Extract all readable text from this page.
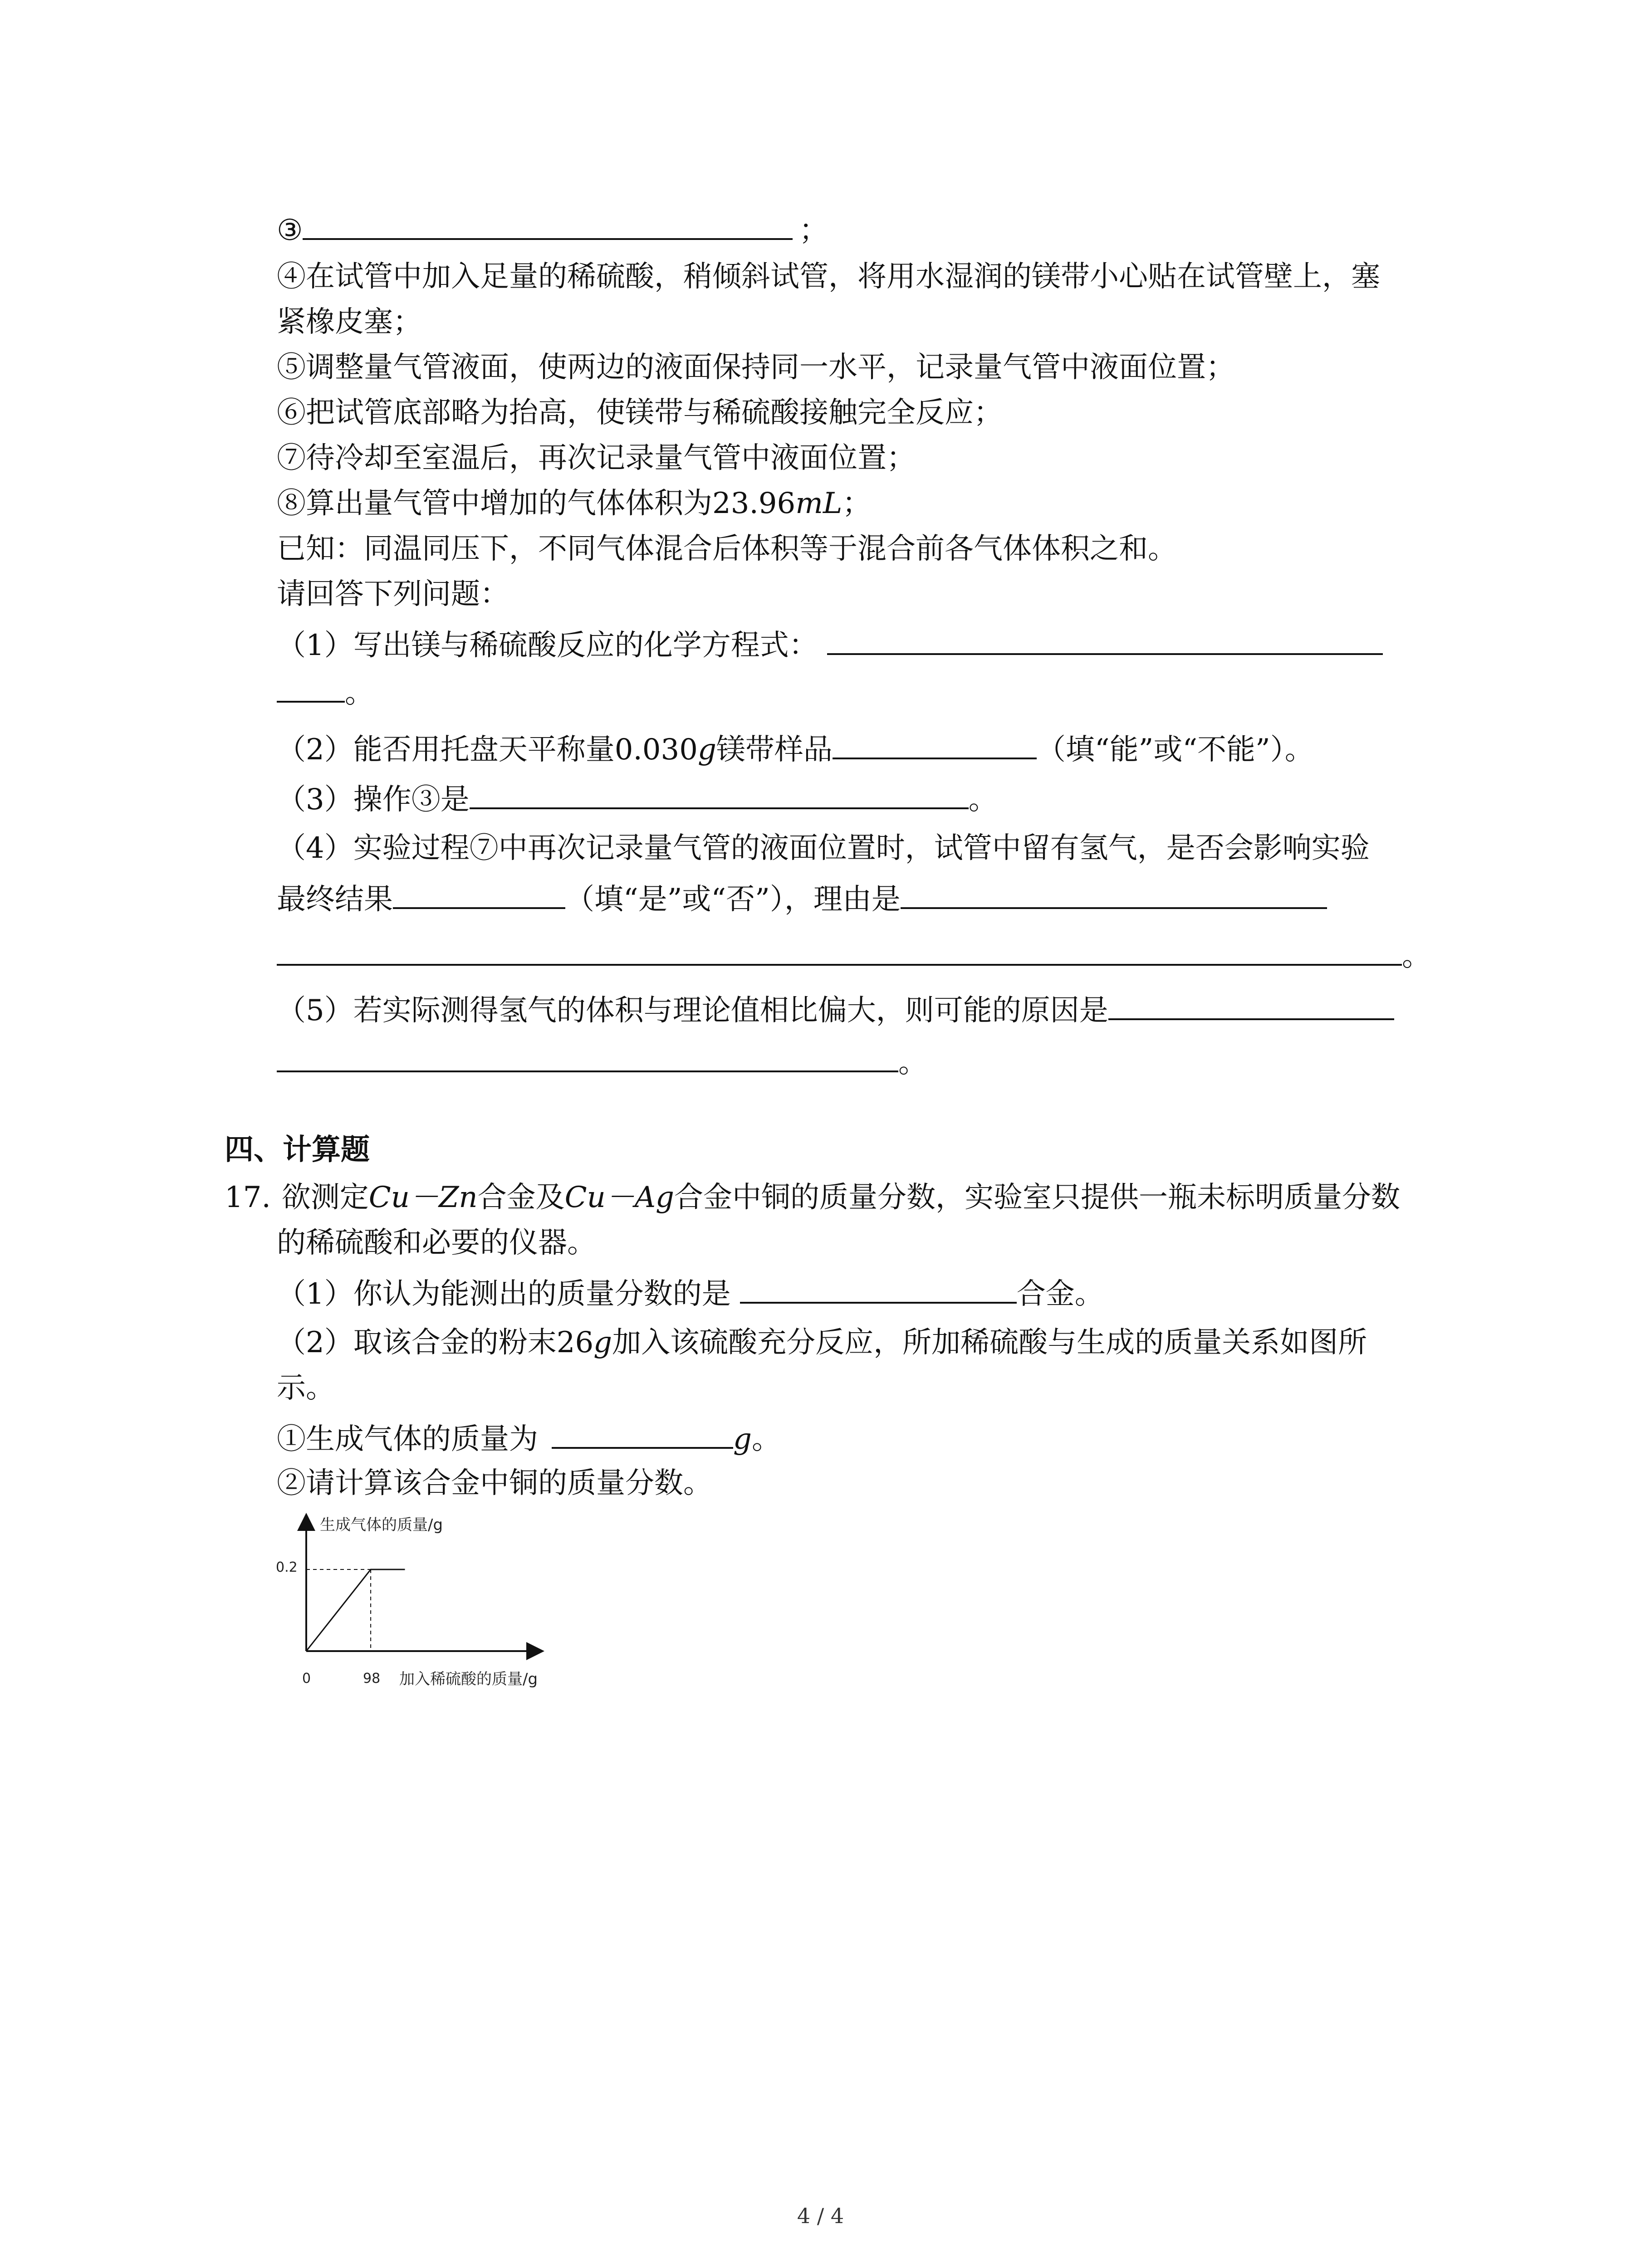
③	；
④在试管中加入足量的稀硫酸，稍倾斜试管，将用水湿润的镁带小心贴在试管壁上，塞
紧橡皮塞；
⑤调整量气管液面，使两边的液面保持同一水平，记录量气管中液面位置；
⑥把试管底部略为抬高，使镁带与稀硫酸接触完全反应；
⑦待冷却至室温后，再次记录量气管中液面位置；
⑧算出量气管中增加的气体体积为23.96mL；
已知：同温同压下，不同气体混合后体积等于混合前各气体体积之和。
请回答下列问题：
（1）写出镁与稀硫酸反应的化学方程式：
。
（2）能否用托盘天平称量0.030g镁带样品	（填“能”或“不能”）。
（3）操作③是	。
（4）实验过程⑦中再次记录量气管的液面位置时，试管中留有氢气，是否会影响实验
最终结果	（填“是”或“否”），理由是
。
（5）若实际测得氢气的体积与理论值相比偏大，则可能的原因是
。
四、计算题
17. 欲测定Cu－Zn合金及Cu－Ag合金中铜的质量分数，实验室只提供一瓶未标明质量分数
的稀硫酸和必要的仪器。
（1）你认为能测出的质量分数的是	合金。
（2）取该合金的粉末26g加入该硫酸充分反应，所加稀硫酸与生成的质量关系如图所
示。
①生成气体的质量为	g。
②请计算该合金中铜的质量分数。
生成气体的质量/g
加入稀硫酸的质量/g
0	98
0.2
4 / 4
